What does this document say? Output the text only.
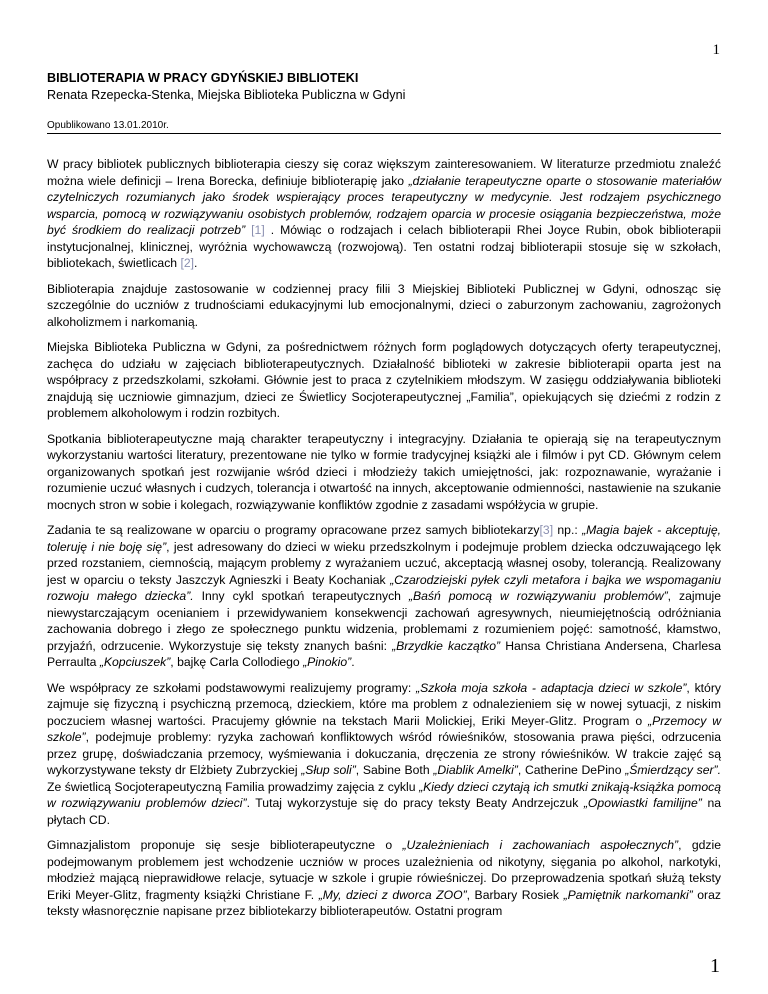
1

BIBLIOTERAPIA W PRACY GDYŃSKIEJ BIBLIOTEKI

Renata Rzepecka-Stenka, Miejska Biblioteka Publiczna w Gdyni

Opublikowano 13.01.2010r.

W pracy bibliotek publicznych biblioterapia cieszy się coraz większym zainteresowaniem. W literaturze przedmiotu znaleźć można wiele definicji – Irena Borecka, definiuje biblioterapię jako „działanie terapeutyczne oparte o stosowanie materiałów czytelniczych rozumianych jako środek wspierający proces terapeutyczny w medycynie. Jest rodzajem psychicznego wsparcia, pomocą w rozwiązywaniu osobistych problemów, rodzajem oparcia w procesie osiągania bezpieczeństwa, może być środkiem do realizacji potrzeb” [1] . Mówiąc o rodzajach i celach biblioterapii Rhei Joyce Rubin, obok biblioterapii instytucjonalnej, klinicznej, wyróżnia wychowawczą (rozwojową). Ten ostatni rodzaj biblioterapii stosuje się w szkołach, bibliotekach, świetlicach [2].

Biblioterapia znajduje zastosowanie w codziennej pracy filii 3 Miejskiej Biblioteki Publicznej w Gdyni, odnosząc się szczególnie do uczniów z trudnościami edukacyjnymi lub emocjonalnymi, dzieci o zaburzonym zachowaniu, zagrożonych alkoholizmem i narkomanią.

Miejska Biblioteka Publiczna w Gdyni, za pośrednictwem różnych form poglądowych dotyczących oferty terapeutycznej, zachęca do udziału w zajęciach biblioterapeutycznych. Działalność biblioteki w zakresie biblioterapii oparta jest na współpracy z przedszkolami, szkołami. Głównie jest to praca z czytelnikiem młodszym. W zasięgu oddziaływania biblioteki znajdują się uczniowie gimnazjum, dzieci ze Świetlicy Socjoterapeutycznej „Familia”, opiekujących się dziećmi z rodzin z problemem alkoholowym i rodzin rozbitych.

Spotkania biblioterapeutyczne mają charakter terapeutyczny i integracyjny. Działania te opierają się na terapeutycznym wykorzystaniu wartości literatury, prezentowane nie tylko w formie tradycyjnej książki ale i filmów i pyt CD. Głównym celem organizowanych spotkań jest rozwijanie wśród dzieci i młodzieży takich umiejętności, jak: rozpoznawanie, wyrażanie i rozumienie uczuć własnych i cudzych, tolerancja i otwartość na innych, akceptowanie odmienności, nastawienie na szukanie mocnych stron w sobie i kolegach, rozwiązywanie konfliktów zgodnie z zasadami współżycia w grupie.

Zadania te są realizowane w oparciu o programy opracowane przez samych bibliotekarzy[3] np.: „Magia bajek - akceptuję, toleruję i nie boję się”, jest adresowany do dzieci w wieku przedszkolnym i podejmuje problem dziecka odczuwającego lęk przed rozstaniem, ciemnością, mającym problemy z wyrażaniem uczuć, akceptacją własnej osoby, tolerancją. Realizowany jest w oparciu o teksty Jaszczyk Agnieszki i Beaty Kochaniak „Czarodziejski pyłek czyli metafora i bajka we wspomaganiu rozwoju małego dziecka”. Inny cykl spotkań terapeutycznych „Baśń pomocą w rozwiązywaniu problemów”, zajmuje niewystarczającym ocenianiem i przewidywaniem konsekwencji zachowań agresywnych, nieumiejętnością odróżniania zachowania dobrego i złego ze społecznego punktu widzenia, problemami z rozumieniem pojęć: samotność, kłamstwo, przyjaźń, odrzucenie. Wykorzystuje się teksty znanych baśni: „Brzydkie kaczątko” Hansa Christiana Andersena, Charlesa Perraulta „Kopciuszek”, bajkę Carla Collodiego „Pinokio”.

We współpracy ze szkołami podstawowymi realizujemy programy: „Szkoła moja szkoła - adaptacja dzieci w szkole”, który zajmuje się fizyczną i psychiczną przemocą, dzieckiem, które ma problem z odnalezieniem się w nowej sytuacji, z niskim poczuciem własnej wartości. Pracujemy głównie na tekstach Marii Molickiej, Eriki Meyer-Glitz. Program o „Przemocy w szkole”, podejmuje problemy: ryzyka zachowań konfliktowych wśród rówieśników, stosowania prawa pięści, odrzucenia przez grupę, doświadczania przemocy, wyśmiewania i dokuczania, dręczenia ze strony rówieśników. W trakcie zajęć są wykorzystywane teksty dr Elżbiety Zubrzyckiej „Słup soli”, Sabine Both „Diablik Amelki”, Catherine DePino „Śmierdzący ser”. Ze świetlicą Socjoterapeutyczną Familia prowadzimy zajęcia z cyklu „Kiedy dzieci czytają ich smutki znikają-książka pomocą w rozwiązywaniu problemów dzieci”. Tutaj wykorzystuje się do pracy teksty Beaty Andrzejczuk „Opowiastki familijne” na płytach CD.

Gimnazjalistom proponuje się sesje biblioterapeutyczne o „Uzależnieniach i zachowaniach aspołecznych”, gdzie podejmowanym problemem jest wchodzenie uczniów w proces uzależnienia od nikotyny, sięgania po alkohol, narkotyki, młodzież mającą nieprawidłowe relacje, sytuacje w szkole i grupie rówieśniczej. Do przeprowadzenia spotkań służą teksty Eriki Meyer-Glitz, fragmenty książki Christiane F. „My, dzieci z dworca ZOO”, Barbary Rosiek „Pamiętnik narkomanki” oraz teksty własnoręcznie napisane przez bibliotekarzy biblioterapeutów. Ostatni program

1
